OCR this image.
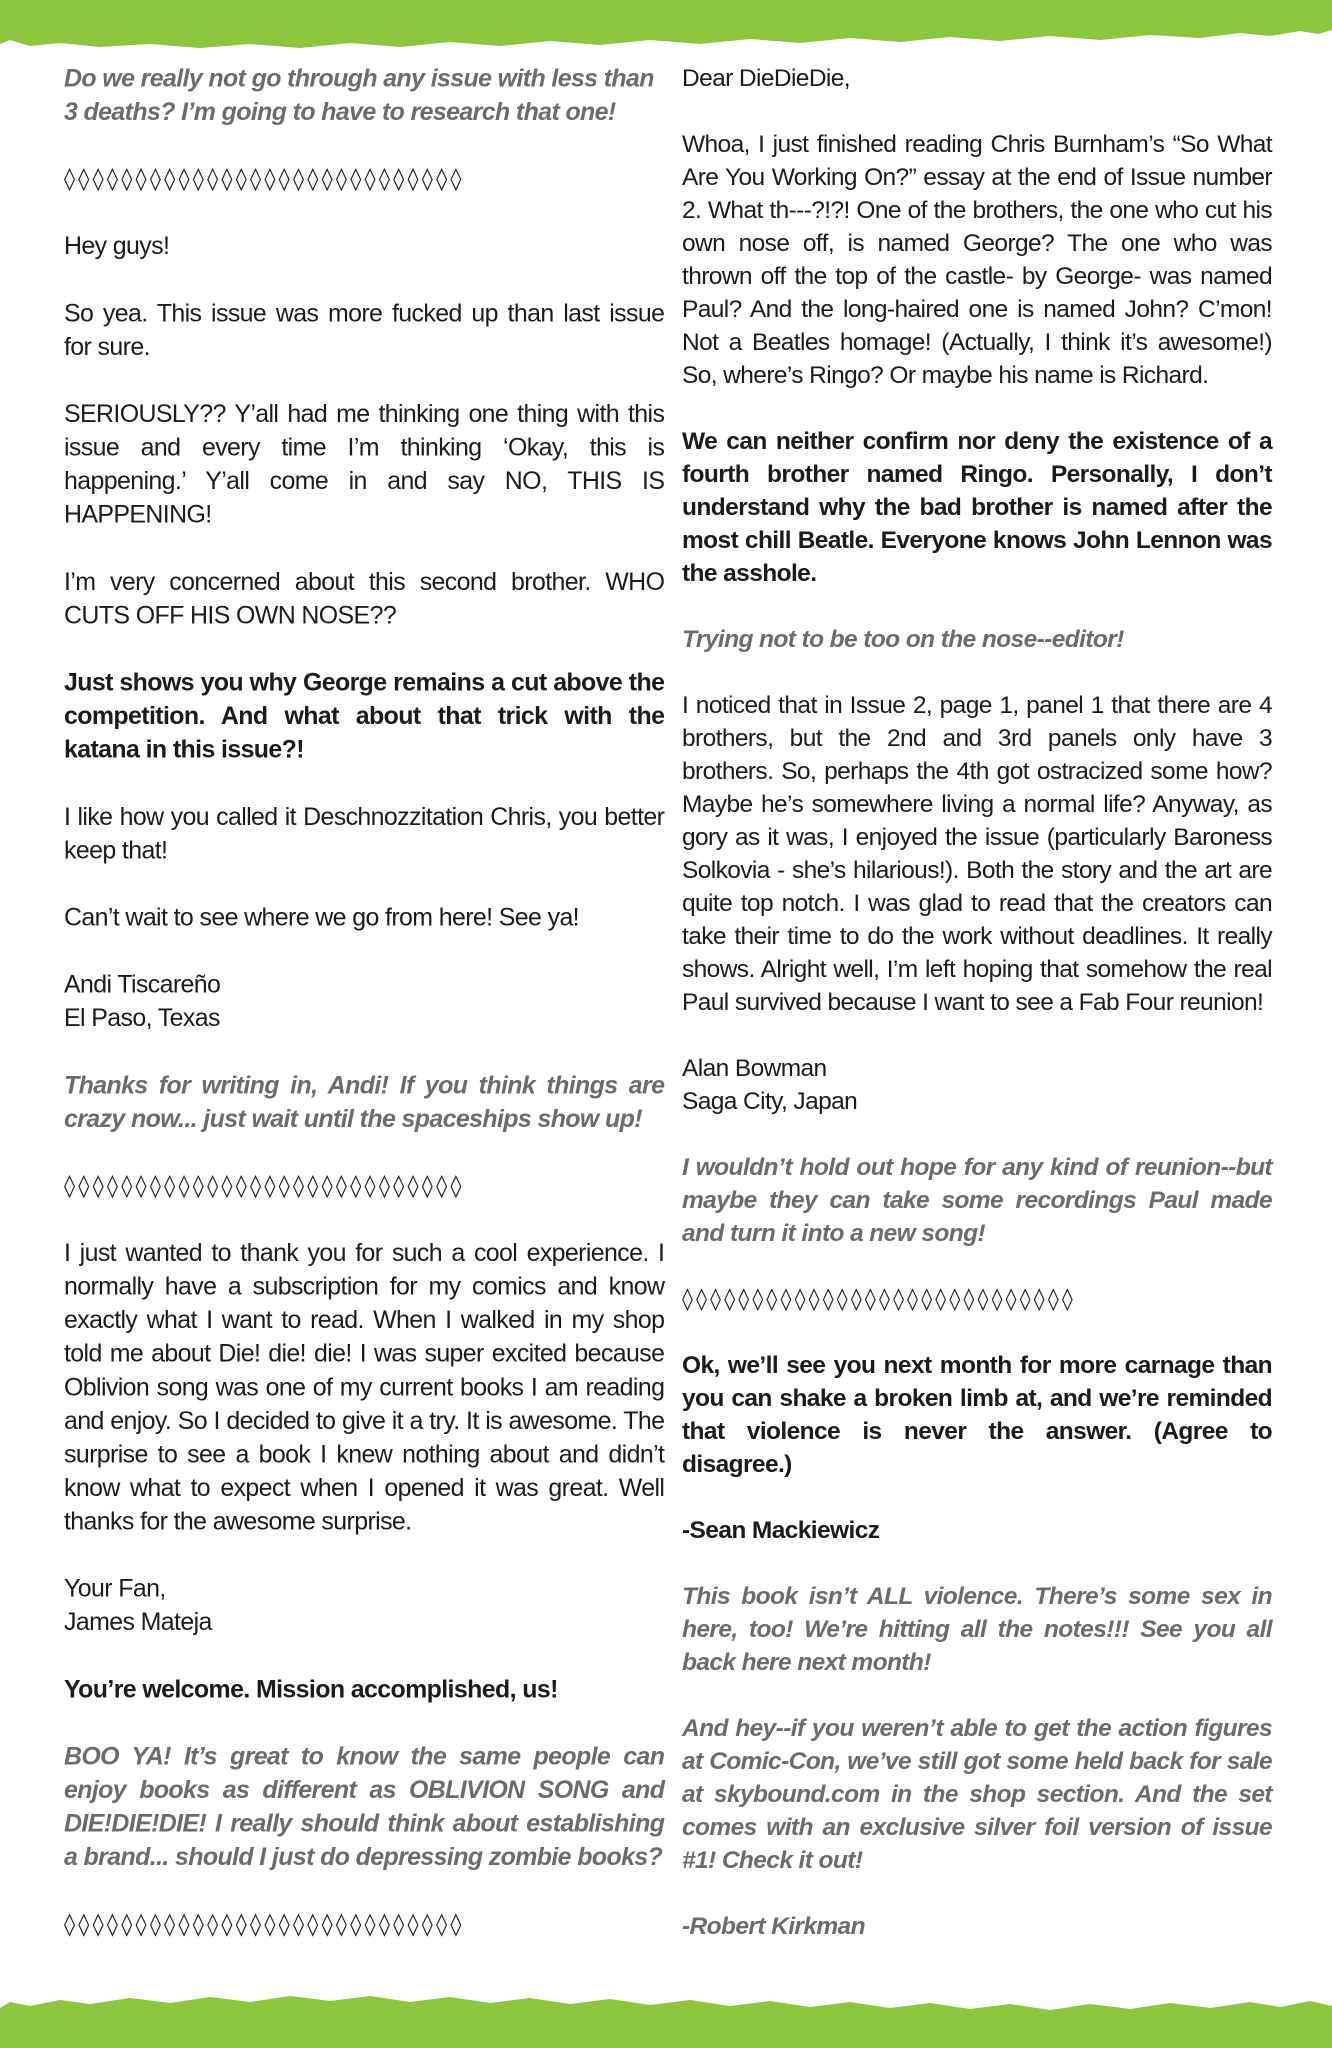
Do we really not go through any issue with less than 3 deaths? I’m going to have to research that one!

◊◊◊◊◊◊◊◊◊◊◊◊◊◊◊◊◊◊◊◊◊◊◊◊◊◊◊◊

Hey guys!

So yea. This issue was more fucked up than last issue for sure.

SERIOUSLY?? Y’all had me thinking one thing with this issue and every time I’m thinking ‘Okay, this is happening.’ Y’all come in and say NO, THIS IS HAPPENING!

I’m very concerned about this second brother. WHO CUTS OFF HIS OWN NOSE??

Just shows you why George remains a cut above the competition. And what about that trick with the katana in this issue?!

I like how you called it Deschnozzitation Chris, you better keep that!

Can’t wait to see where we go from here! See ya!

Andi Tiscareño
El Paso, Texas

Thanks for writing in, Andi! If you think things are crazy now... just wait until the spaceships show up!

◊◊◊◊◊◊◊◊◊◊◊◊◊◊◊◊◊◊◊◊◊◊◊◊◊◊◊◊

I just wanted to thank you for such a cool experience. I normally have a subscription for my comics and know exactly what I want to read. When I walked in my shop told me about Die! die! die! I was super excited because Oblivion song was one of my current books I am reading and enjoy. So I decided to give it a try. It is awesome. The surprise to see a book I knew nothing about and didn’t know what to expect when I opened it was great. Well thanks for the awesome surprise.

Your Fan,
James Mateja

You’re welcome. Mission accomplished, us!

BOO YA! It’s great to know the same people can enjoy books as different as OBLIVION SONG and DIE!DIE!DIE! I really should think about establishing a brand... should I just do depressing zombie books?

◊◊◊◊◊◊◊◊◊◊◊◊◊◊◊◊◊◊◊◊◊◊◊◊◊◊◊◊

Dear DieDieDie,

Whoa, I just finished reading Chris Burnham’s “So What Are You Working On?” essay at the end of Issue number 2. What th---?!?! One of the brothers, the one who cut his own nose off, is named George? The one who was thrown off the top of the castle- by George- was named Paul? And the long-haired one is named John? C’mon! Not a Beatles homage! (Actually, I think it’s awesome!) So, where’s Ringo? Or maybe his name is Richard.

We can neither confirm nor deny the existence of a fourth brother named Ringo. Personally, I don’t understand why the bad brother is named after the most chill Beatle. Everyone knows John Lennon was the asshole.

Trying not to be too on the nose--editor!

I noticed that in Issue 2, page 1, panel 1 that there are 4 brothers, but the 2nd and 3rd panels only have 3 brothers. So, perhaps the 4th got ostracized some how? Maybe he’s somewhere living a normal life? Anyway, as gory as it was, I enjoyed the issue (particularly Baroness Solkovia - she’s hilarious!). Both the story and the art are quite top notch. I was glad to read that the creators can take their time to do the work without deadlines. It really shows. Alright well, I’m left hoping that somehow the real Paul survived because I want to see a Fab Four reunion!

Alan Bowman
Saga City, Japan

I wouldn’t hold out hope for any kind of reunion--but maybe they can take some recordings Paul made and turn it into a new song!

◊◊◊◊◊◊◊◊◊◊◊◊◊◊◊◊◊◊◊◊◊◊◊◊◊◊◊◊

Ok, we’ll see you next month for more carnage than you can shake a broken limb at, and we’re reminded that violence is never the answer. (Agree to disagree.)

-Sean Mackiewicz

This book isn’t ALL violence. There’s some sex in here, too! We’re hitting all the notes!!! See you all back here next month!

And hey--if you weren’t able to get the action figures at Comic-Con, we’ve still got some held back for sale at skybound.com in the shop section. And the set comes with an exclusive silver foil version of issue #1! Check it out!

-Robert Kirkman
